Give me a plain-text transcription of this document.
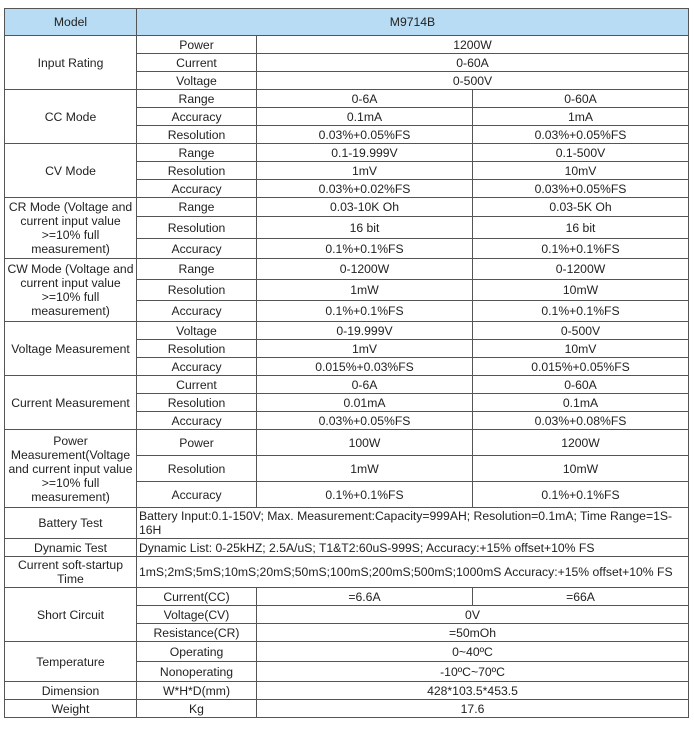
Model	M9714B		
Input Rating	Power	1200W	
	Current	0-60A	
	Voltage	0-500V	
CC Mode	Range	0-6A	0-60A
	Accuracy	0.1mA	1mA
	Resolution	0.03%+0.05%FS	0.03%+0.05%FS
CV Mode	Range	0.1-19.999V	0.1-500V
	Resolution	1mV	10mV
	Accuracy	0.03%+0.02%FS	0.03%+0.05%FS
CR Mode (Voltage and current input value >=10% full measurement)	Range	0.03-10K Oh	0.03-5K Oh
	Resolution	16 bit	16 bit
	Accuracy	0.1%+0.1%FS	0.1%+0.1%FS
CW Mode (Voltage and current input value >=10% full measurement)	Range	0-1200W	0-1200W
	Resolution	1mW	10mW
	Accuracy	0.1%+0.1%FS	0.1%+0.1%FS
Voltage Measurement	Voltage	0-19.999V	0-500V
	Resolution	1mV	10mV
	Accuracy	0.015%+0.03%FS	0.015%+0.05%FS
Current Measurement	Current	0-6A	0-60A
	Resolution	0.01mA	0.1mA
	Accuracy	0.03%+0.05%FS	0.03%+0.08%FS
Power Measurement(Voltage and current input value >=10% full measurement)	Power	100W	1200W
	Resolution	1mW	10mW
	Accuracy	0.1%+0.1%FS	0.1%+0.1%FS
Battery Test	Battery Input:0.1-150V; Max. Measurement:Capacity=999AH; Resolution=0.1mA; Time Range=1S-16H		
Dynamic Test	Dynamic List: 0-25kHZ; 2.5A/uS; T1&T2:60uS-999S; Accuracy:+15% offset+10% FS		
Current soft-startup Time	1mS;2mS;5mS;10mS;20mS;50mS;100mS;200mS;500mS;1000mS Accuracy:+15% offset+10% FS		
Short Circuit	Current(CC)	=6.6A	=66A
	Voltage(CV)	0V	
	Resistance(CR)	=50mOh	
Temperature	Operating	0~40ºC	
	Nonoperating	-10ºC~70ºC	
Dimension	W*H*D(mm)	428*103.5*453.5	
Weight	Kg	17.6	
